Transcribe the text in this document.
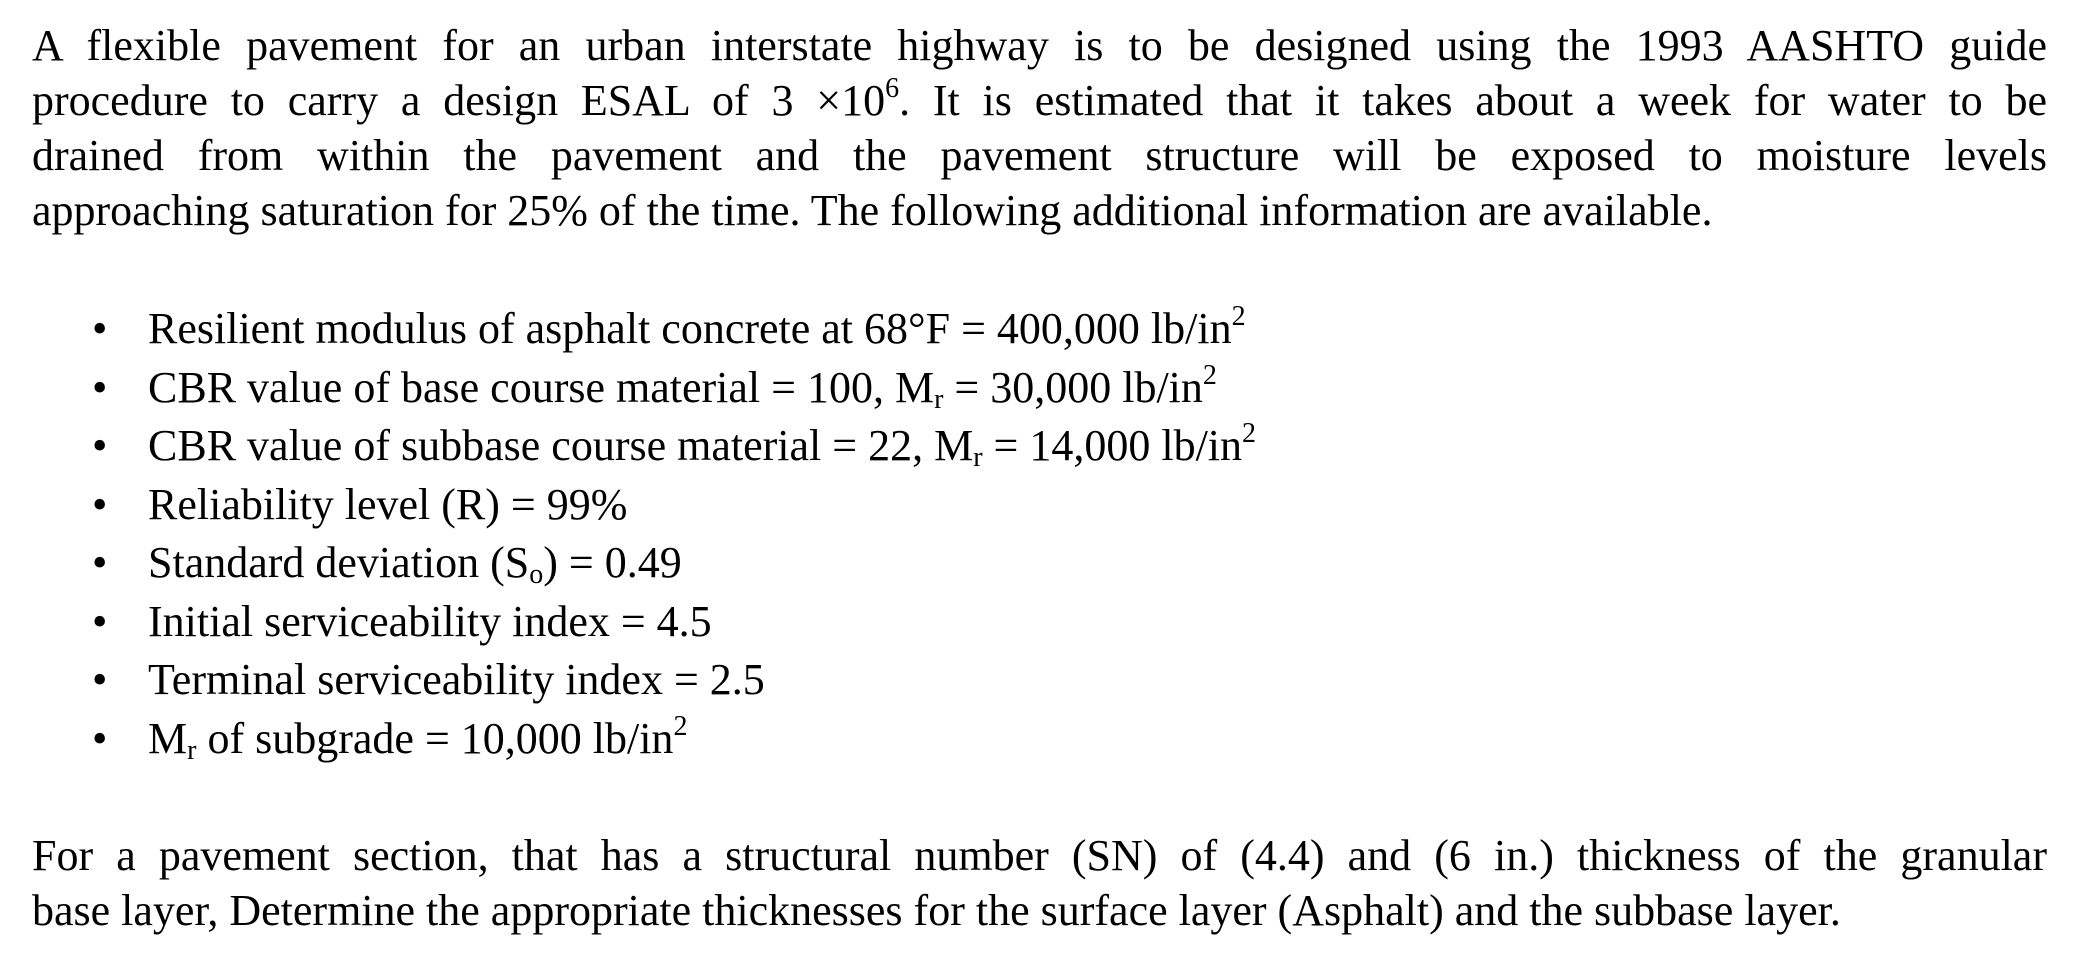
A flexible pavement for an urban interstate highway is to be designed using the 1993 AASHTO guide
procedure to carry a design ESAL of $3 \times 10^6$. It is estimated that it takes about a week for water to be
drained from within the pavement and the pavement structure will be exposed to moisture levels
approaching saturation for 25% of the time. The following additional information are available.

• Resilient modulus of asphalt concrete at 68°F = 400,000 $lb/in^2$
• CBR value of base course material = 100, $M_r = 30,000$ $lb/in^2$
• CBR value of subbase course material = 22, $M_r = 14,000$ $lb/in^2$
• Reliability level (R) = 99%
• Standard deviation $(S_o) = 0.49$
• Initial serviceability index = 4.5
• Terminal serviceability index = 2.5
• $M_r$ of subgrade = 10,000 $lb/in^2$

For a pavement section, that has a structural number (SN) of (4.4) and (6 in.) thickness of the granular
base layer, Determine the appropriate thicknesses for the surface layer (Asphalt) and the subbase layer.
